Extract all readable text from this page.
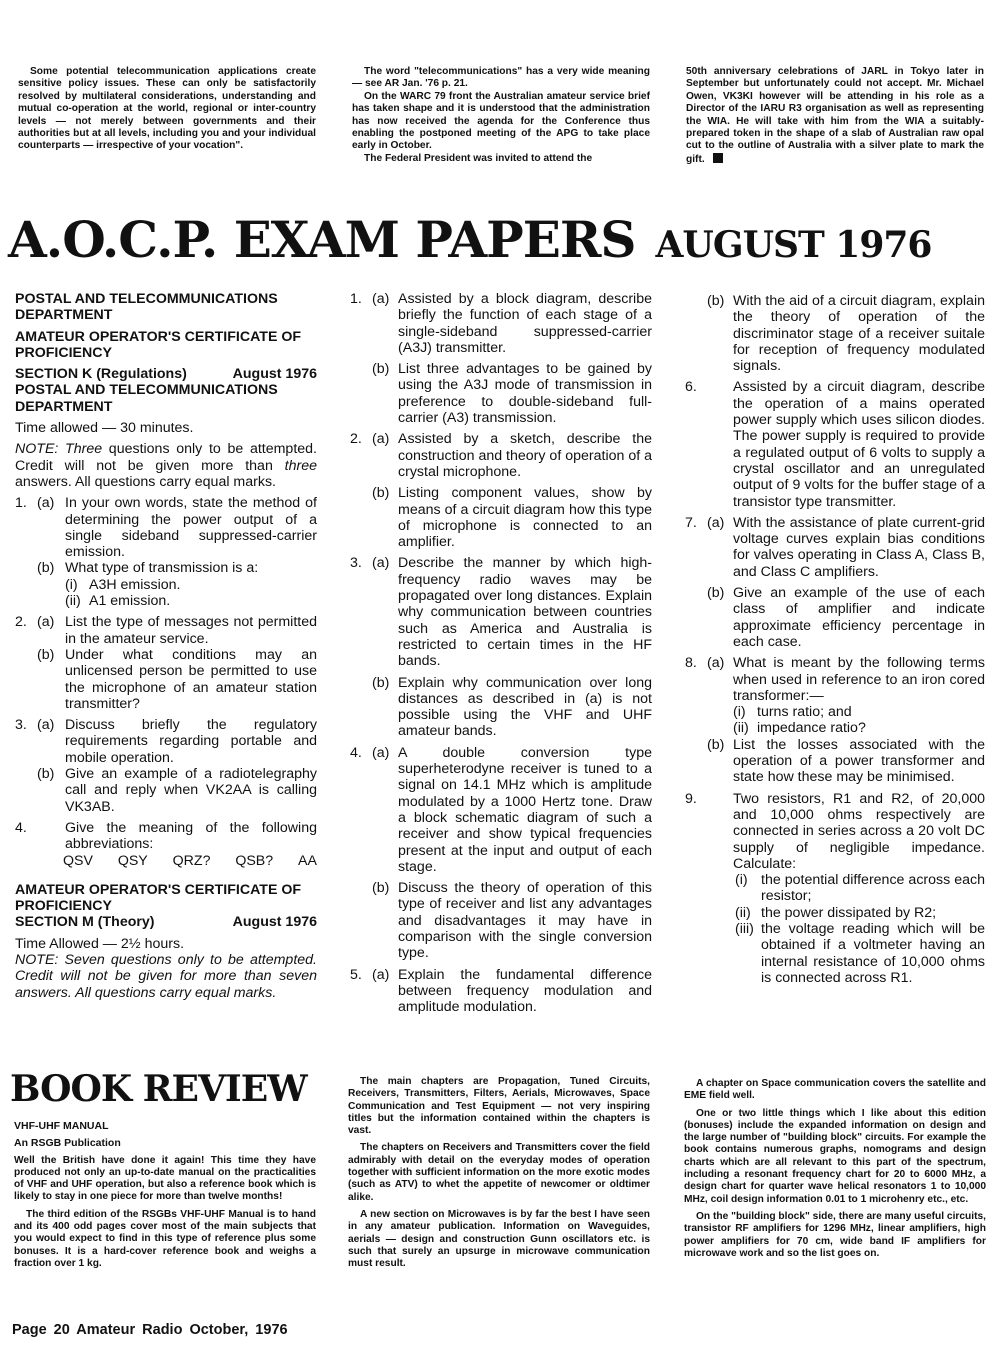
Some potential telecommunication applications create sensitive policy issues. These can only be satisfactorily resolved by multilateral considerations, understanding and mutual co-operation at the world, regional or inter-country levels — not merely between governments and their authorities but at all levels, including you and your individual counterparts — irrespective of your vocation".

The word "telecommunications" has a very wide meaning — see AR Jan. '76 p. 21.

On the WARC 79 front the Australian amateur service brief has taken shape and it is understood that the administration has now received the agenda for the Conference thus enabling the postponed meeting of the APG to take place early in October.

The Federal President was invited to attend the

50th anniversary celebrations of JARL in Tokyo later in September but unfortunately could not accept. Mr. Michael Owen, VK3KI however will be attending in his role as a Director of the IARU R3 organisation as well as representing the WIA. He will take with him from the WIA a suitably-prepared token in the shape of a slab of Australian raw opal cut to the outline of Australia with a silver plate to mark the gift.

A.O.C.P. EXAM PAPERS AUGUST 1976

POSTAL AND TELECOMMUNICATIONS DEPARTMENT

AMATEUR OPERATOR'S CERTIFICATE OF PROFICIENCY

SECTION K (Regulations)	August 1976

POSTAL AND TELECOMMUNICATIONS DEPARTMENT

Time allowed — 30 minutes.

NOTE: Three questions only to be attempted. Credit will not be given more than three answers. All questions carry equal marks.

1. (a) In your own words, state the method of determining the power output of a single sideband suppressed-carrier emission.
(b) What type of transmission is a:
(i) A3H emission.
(ii) A1 emission.
2. (a) List the type of messages not permitted in the amateur service.
(b) Under what conditions may an unlicensed person be permitted to use the microphone of an amateur station transmitter?
3. (a) Discuss briefly the regulatory requirements regarding portable and mobile operation.
(b) Give an example of a radiotelegraphy call and reply when VK2AA is calling VK3AB.
4.	Give the meaning of the following abbreviations:
QSV QSY QRZ? QSB? AA

AMATEUR OPERATOR'S CERTIFICATE OF PROFICIENCY

SECTION M (Theory)	August 1976

Time Allowed — 2½ hours.

NOTE: Seven questions only to be attempted. Credit will not be given for more than seven answers. All questions carry equal marks.

1. (a) Assisted by a block diagram, describe briefly the function of each stage of a single-sideband suppressed-carrier (A3J) transmitter.
(b) List three advantages to be gained by using the A3J mode of transmission in preference to double-sideband full-carrier (A3) transmission.
2. (a) Assisted by a sketch, describe the construction and theory of operation of a crystal microphone.
(b) Listing component values, show by means of a circuit diagram how this type of microphone is connected to an amplifier.
3. (a) Describe the manner by which high-frequency radio waves may be propagated over long distances. Explain why communication between countries such as America and Australia is restricted to certain times in the HF bands.
(b) Explain why communication over long distances as described in (a) is not possible using the VHF and UHF amateur bands.
4. (a) A double conversion type superheterodyne receiver is tuned to a signal on 14.1 MHz which is amplitude modulated by a 1000 Hertz tone. Draw a block schematic diagram of such a receiver and show typical frequencies present at the input and output of each stage.
(b) Discuss the theory of operation of this type of receiver and list any advantages and disadvantages it may have in comparison with the single conversion type.
5. (a) Explain the fundamental difference between frequency modulation and amplitude modulation.
(b) With the aid of a circuit diagram, explain the theory of operation of the discriminator stage of a receiver suitale for reception of frequency modulated signals.
6.	Assisted by a circuit diagram, describe the operation of a mains operated power supply which uses silicon diodes. The power supply is required to provide a regulated output of 6 volts to supply a crystal oscillator and an unregulated output of 9 volts for the buffer stage of a transistor type transmitter.
7. (a) With the assistance of plate current-grid voltage curves explain bias conditions for valves operating in Class A, Class B, and Class C amplifiers.
(b) Give an example of the use of each class of amplifier and indicate approximate efficiency percentage in each case.
8. (a) What is meant by the following terms when used in reference to an iron cored transformer:—
(i) turns ratio; and
(ii) impedance ratio?
(b) List the losses associated with the operation of a power transformer and state how these may be minimised.
9.	Two resistors, R1 and R2, of 20,000 and 10,000 ohms respectively are connected in series across a 20 volt DC supply of negligible impedance. Calculate:
(i) the potential difference across each resistor;
(ii) the power dissipated by R2;
(iii) the voltage reading which will be obtained if a voltmeter having an internal resistance of 10,000 ohms is connected across R1.
BOOK REVIEW

VHF-UHF MANUAL

An RSGB Publication

Well the British have done it again! This time they have produced not only an up-to-date manual on the practicalities of VHF and UHF operation, but also a reference book which is likely to stay in one piece for more than twelve months!

The third edition of the RSGBs VHF-UHF Manual is to hand and its 400 odd pages cover most of the main subjects that you would expect to find in this type of reference plus some bonuses. It is a hard-cover reference book and weighs a fraction over 1 kg.

The main chapters are Propagation, Tuned Circuits, Receivers, Transmitters, Filters, Aerials, Microwaves, Space Communication and Test Equipment — not very inspiring titles but the information contained within the chapters is vast.

The chapters on Receivers and Transmitters cover the field admirably with detail on the everyday modes of operation together with sufficient information on the more exotic modes (such as ATV) to whet the appetite of newcomer or oldtimer alike.

A new section on Microwaves is by far the best I have seen in any amateur publication. Information on Waveguides, aerials — design and construction Gunn oscillators etc. is such that surely an upsurge in microwave communication must result.

A chapter on Space communication covers the satellite and EME field well.

One or two little things which I like about this edition (bonuses) include the expanded information on design and the large number of "building block" circuits. For example the book contains numerous graphs, nomograms and design charts which are all relevant to this part of the spectrum, including a resonant frequency chart for 20 to 6000 MHz, a design chart for quarter wave helical resonators 1 to 10,000 MHz, coil design information 0.01 to 1 microhenry etc., etc.

On the "building block" side, there are many useful circuits, transistor RF amplifiers for 1296 MHz, linear amplifiers, high power amplifiers for 70 cm, wide band IF amplifiers for microwave work and so the list goes on.

Page 20 Amateur Radio October, 1976
